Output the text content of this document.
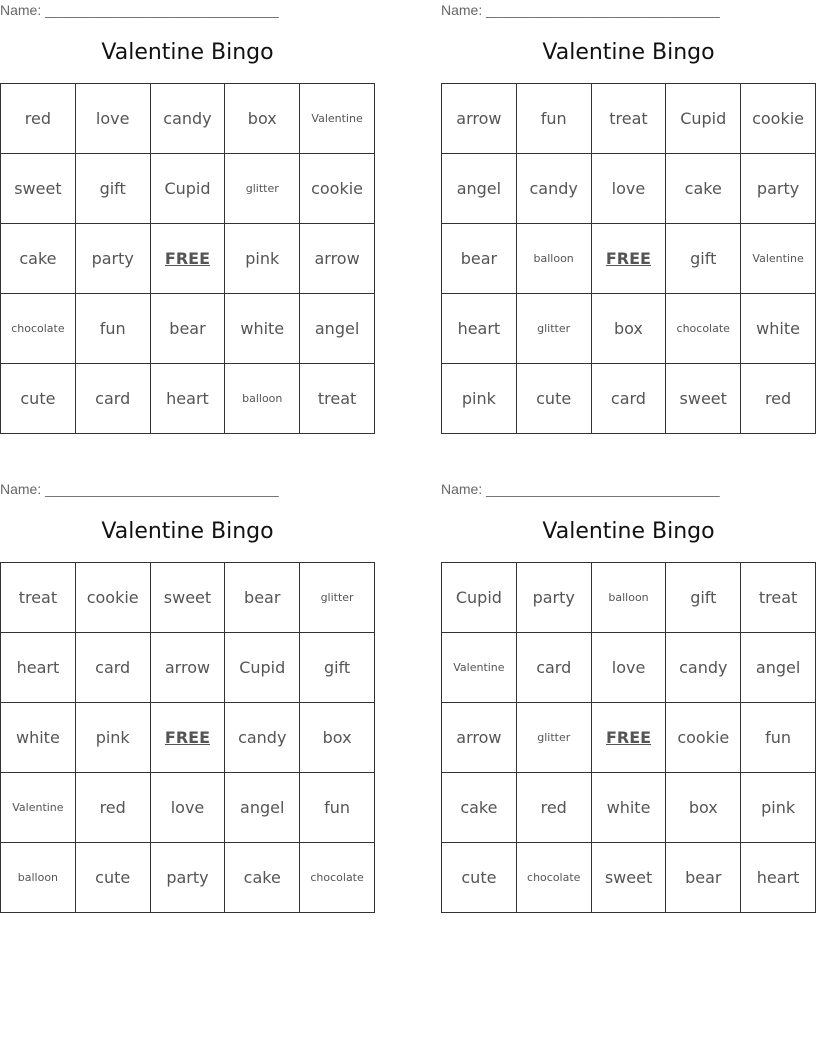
Name: ______________________________
Valentine Bingo
red	love	candy	box	Valentine
sweet	gift	Cupid	glitter	cookie
cake	party	FREE	pink	arrow
chocolate	fun	bear	white	angel
cute	card	heart	balloon	treat
Name: ______________________________
Valentine Bingo
arrow	fun	treat	Cupid	cookie
angel	candy	love	cake	party
bear	balloon	FREE	gift	Valentine
heart	glitter	box	chocolate	white
pink	cute	card	sweet	red
Name: ______________________________
Valentine Bingo
treat	cookie	sweet	bear	glitter
heart	card	arrow	Cupid	gift
white	pink	FREE	candy	box
Valentine	red	love	angel	fun
balloon	cute	party	cake	chocolate
Name: ______________________________
Valentine Bingo
Cupid	party	balloon	gift	treat
Valentine	card	love	candy	angel
arrow	glitter	FREE	cookie	fun
cake	red	white	box	pink
cute	chocolate	sweet	bear	heart
